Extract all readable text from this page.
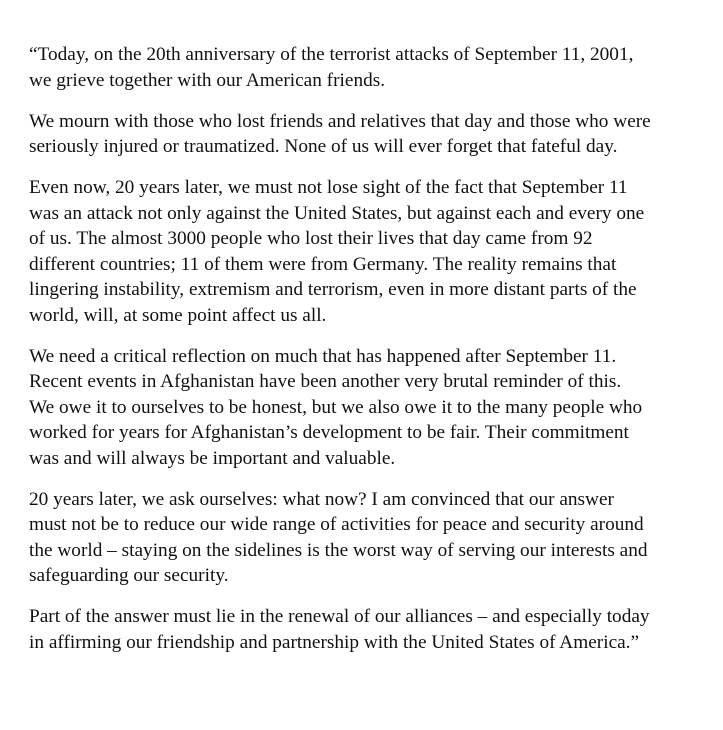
“Today, on the 20th anniversary of the terrorist attacks of September 11, 2001,
we grieve together with our American friends.

We mourn with those who lost friends and relatives that day and those who were
seriously injured or traumatized. None of us will ever forget that fateful day.

Even now, 20 years later, we must not lose sight of the fact that September 11
was an attack not only against the United States, but against each and every one
of us. The almost 3000 people who lost their lives that day came from 92
different countries; 11 of them were from Germany. The reality remains that
lingering instability, extremism and terrorism, even in more distant parts of the
world, will, at some point affect us all.

We need a critical reflection on much that has happened after September 11.
Recent events in Afghanistan have been another very brutal reminder of this.
We owe it to ourselves to be honest, but we also owe it to the many people who
worked for years for Afghanistan’s development to be fair. Their commitment
was and will always be important and valuable.

20 years later, we ask ourselves: what now? I am convinced that our answer
must not be to reduce our wide range of activities for peace and security around
the world – staying on the sidelines is the worst way of serving our interests and
safeguarding our security.

Part of the answer must lie in the renewal of our alliances – and especially today
in affirming our friendship and partnership with the United States of America.”
